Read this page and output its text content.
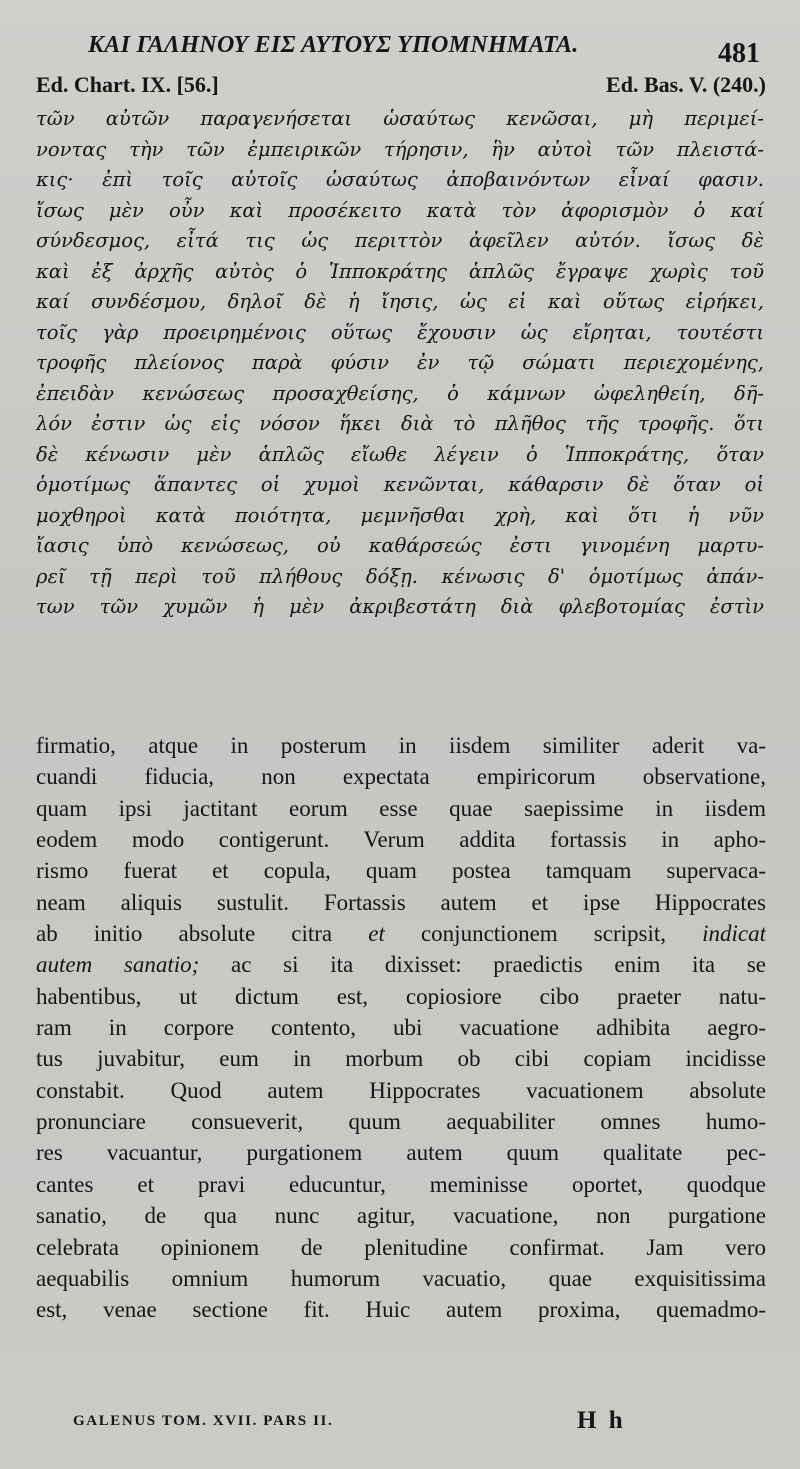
ΚΑΙ ΓΑΛΗΝΟΥ ΕΙΣ ΑΥΤΟΥΣ ΥΠΟΜΝΗΜΑΤΑ.	481
Ed. Chart. IX. [56.]	Ed. Bas. V. (240.)
τῶν αὐτῶν παραγενήσεται ὡσαύτως κενῶσαι, μὴ περιμεί-
νοντας τὴν τῶν ἐμπειρικῶν τήρησιν, ἣν αὐτοὶ τῶν πλειστά-
κις· ἐπὶ τοῖς αὐτοῖς ὡσαύτως ἀποβαινόντων εἶναί φασιν.
ἴσως μὲν οὖν καὶ προσέκειτο κατὰ τὸν ἀφορισμὸν ὁ καί
σύνδεσμος, εἶτά τις ὡς περιττὸν ἀφεῖλεν αὐτόν. ἴσως δὲ
καὶ ἐξ ἀρχῆς αὐτὸς ὁ Ἱπποκράτης ἁπλῶς ἔγραψε χωρὶς τοῦ
καί συνδέσμου, δηλοῖ δὲ ἡ ἴησις, ὡς εἰ καὶ οὕτως εἰρήκει,
τοῖς γὰρ προειρημένοις οὕτως ἔχουσιν ὡς εἴρηται, τουτέστι
τροφῆς πλείονος παρὰ φύσιν ἐν τῷ σώματι περιεχομένης,
ἐπειδὰν κενώσεως προσαχθείσης, ὁ κάμνων ὠφεληθείη, δῆ-
λόν ἐστιν ὡς εἰς νόσον ἥκει διὰ τὸ πλῆθος τῆς τροφῆς. ὅτι
δὲ κένωσιν μὲν ἁπλῶς εἴωθε λέγειν ὁ Ἱπποκράτης, ὅταν
ὁμοτίμως ἅπαντες οἱ χυμοὶ κενῶνται, κάθαρσιν δὲ ὅταν οἱ
μοχθηροὶ κατὰ ποιότητα, μεμνῆσθαι χρὴ, καὶ ὅτι ἡ νῦν
ἴασις ὑπὸ κενώσεως, οὐ καθάρσεώς ἐστι γινομένη μαρτυ-
ρεῖ τῇ περὶ τοῦ πλήθους δόξῃ. κένωσις δ' ὁμοτίμως ἁπάν-
των τῶν χυμῶν ἡ μὲν ἀκριβεστάτη διὰ φλεβοτομίας ἐστὶν
firmatio, atque in posterum in iisdem similiter aderit va-
cuandi fiducia, non expectata empiricorum observatione,
quam ipsi jactitant eorum esse quae saepissime in iisdem
eodem modo contigerunt. Verum addita fortassis in apho-
rismo fuerat et copula, quam postea tamquam supervaca-
neam aliquis sustulit. Fortassis autem et ipse Hippocrates
ab initio absolute citra et conjunctionem scripsit, indicat
autem sanatio; ac si ita dixisset: praedictis enim ita se
habentibus, ut dictum est, copiosiore cibo praeter natu-
ram in corpore contento, ubi vacuatione adhibita aegro-
tus juvabitur, eum in morbum ob cibi copiam incidisse
constabit. Quod autem Hippocrates vacuationem absolute
pronunciare consueverit, quum aequabiliter omnes humo-
res vacuantur, purgationem autem quum qualitate pec-
cantes et pravi educuntur, meminisse oportet, quodque
sanatio, de qua nunc agitur, vacuatione, non purgatione
celebrata opinionem de plenitudine confirmat. Jam vero
aequabilis omnium humorum vacuatio, quae exquisitissima
est, venae sectione fit. Huic autem proxima, quemadmo-
GALENUS TOM. XVII. PARS II.	H h
